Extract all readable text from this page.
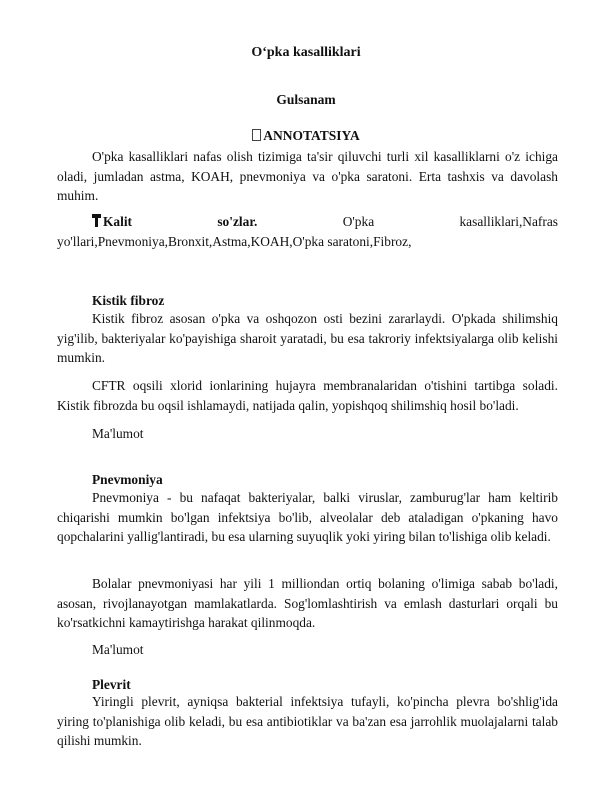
O‘pka kasalliklari
Gulsanam
ANNOTATSIYA
O'pka kasalliklari nafas olish tizimiga ta'sir qiluvchi turli xil kasalliklarni o'z ichiga oladi, jumladan astma, KOAH, pnevmoniya va o'pka saratoni. Erta tashxis va davolash muhim.
Kalit	so'zlar.	O'pka	kasalliklari,Nafras
yo'llari,Pnevmoniya,Bronxit,Astma,KOAH,O'pka saratoni,Fibroz,
Kistik fibroz
Kistik fibroz asosan o'pka va oshqozon osti bezini zararlaydi. O'pkada shilimshiq yig'ilib, bakteriyalar ko'payishiga sharoit yaratadi, bu esa takroriy infektsiyalarga olib kelishi mumkin.
CFTR oqsili xlorid ionlarining hujayra membranalaridan o'tishini tartibga soladi. Kistik fibrozda bu oqsil ishlamaydi, natijada qalin, yopishqoq shilimshiq hosil bo'ladi.
Ma'lumot
Pnevmoniya
Pnevmoniya - bu nafaqat bakteriyalar, balki viruslar, zamburug'lar ham keltirib chiqarishi mumkin bo'lgan infektsiya bo'lib, alveolalar deb ataladigan o'pkaning havo qopchalarini yallig'lantiradi, bu esa ularning suyuqlik yoki yiring bilan to'lishiga olib keladi.
Bolalar pnevmoniyasi har yili 1 milliondan ortiq bolaning o'limiga sabab bo'ladi, asosan, rivojlanayotgan mamlakatlarda. Sog'lomlashtirish va emlash dasturlari orqali bu ko'rsatkichni kamaytirishga harakat qilinmoqda.
Ma'lumot
Plevrit
Yiringli plevrit, ayniqsa bakterial infektsiya tufayli, ko'pincha plevra bo'shlig'ida yiring to'planishiga olib keladi, bu esa antibiotiklar va ba'zan esa jarrohlik muolajalarni talab qilishi mumkin.
